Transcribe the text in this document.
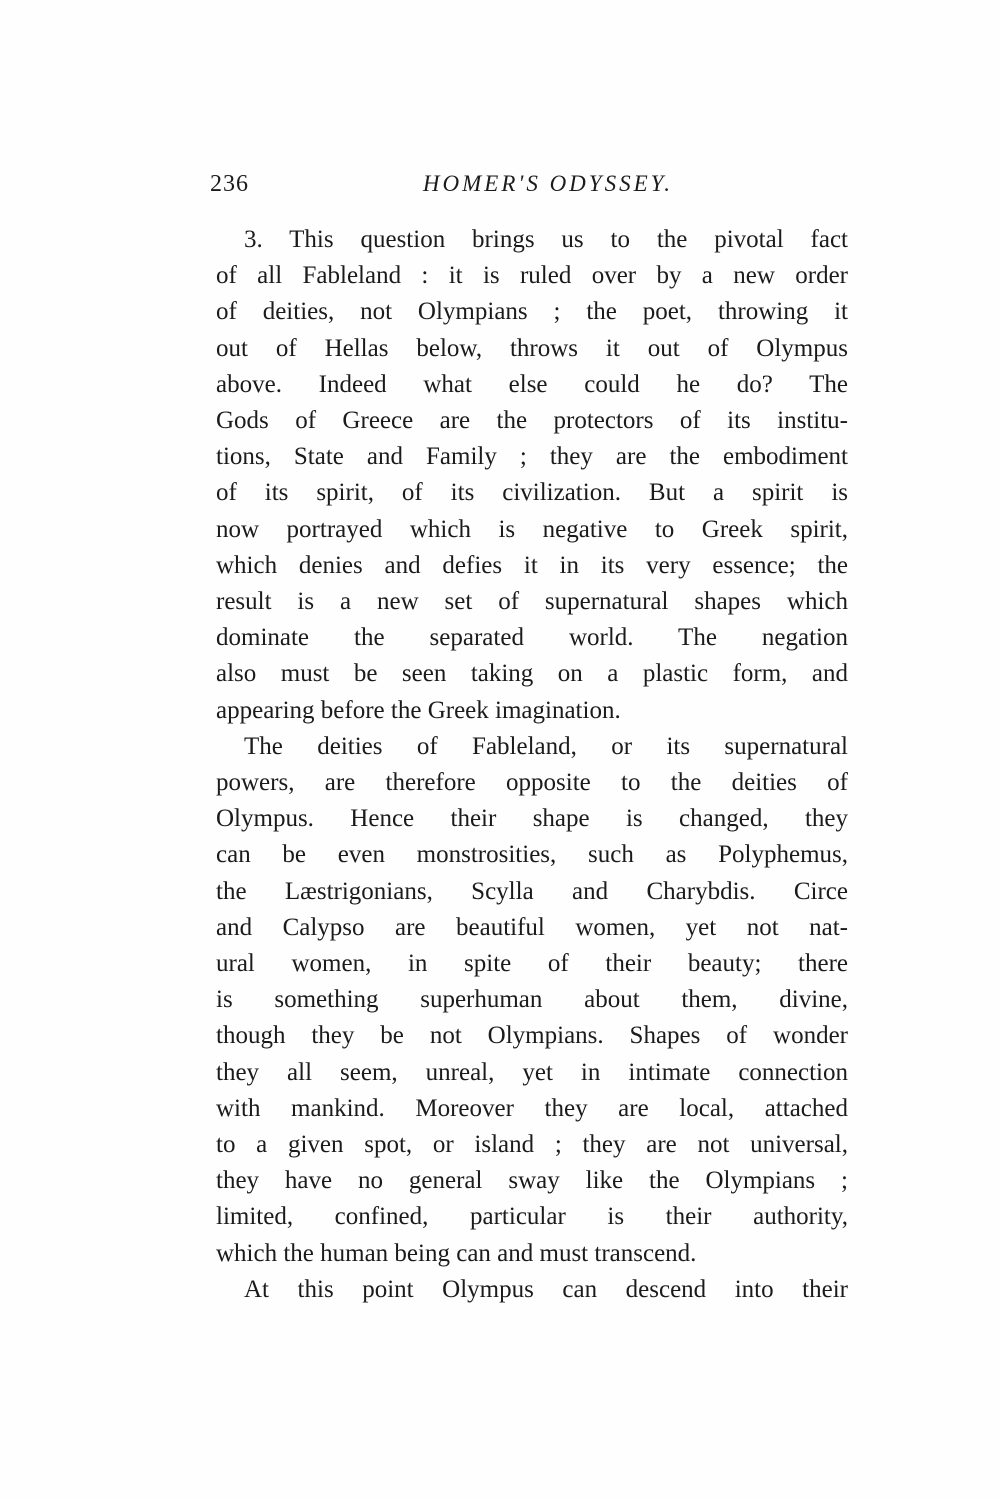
236	HOMER'S ODYSSEY.

3. This question brings us to the pivotal fact
of all Fableland : it is ruled over by a new order
of deities, not Olympians ; the poet, throwing it
out of Hellas below, throws it out of Olympus
above. Indeed what else could he do? The
Gods of Greece are the protectors of its institu-
tions, State and Family ; they are the embodiment
of its spirit, of its civilization. But a spirit is
now portrayed which is negative to Greek spirit,
which denies and defies it in its very essence; the
result is a new set of supernatural shapes which
dominate the separated world. The negation
also must be seen taking on a plastic form, and
appearing before the Greek imagination.

The deities of Fableland, or its supernatural
powers, are therefore opposite to the deities of
Olympus. Hence their shape is changed, they
can be even monstrosities, such as Polyphemus,
the Læstrigonians, Scylla and Charybdis. Circe
and Calypso are beautiful women, yet not nat-
ural women, in spite of their beauty; there
is something superhuman about them, divine,
though they be not Olympians. Shapes of wonder
they all seem, unreal, yet in intimate connection
with mankind. Moreover they are local, attached
to a given spot, or island ; they are not universal,
they have no general sway like the Olympians ;
limited, confined, particular is their authority,
which the human being can and must transcend.

At this point Olympus can descend into their
